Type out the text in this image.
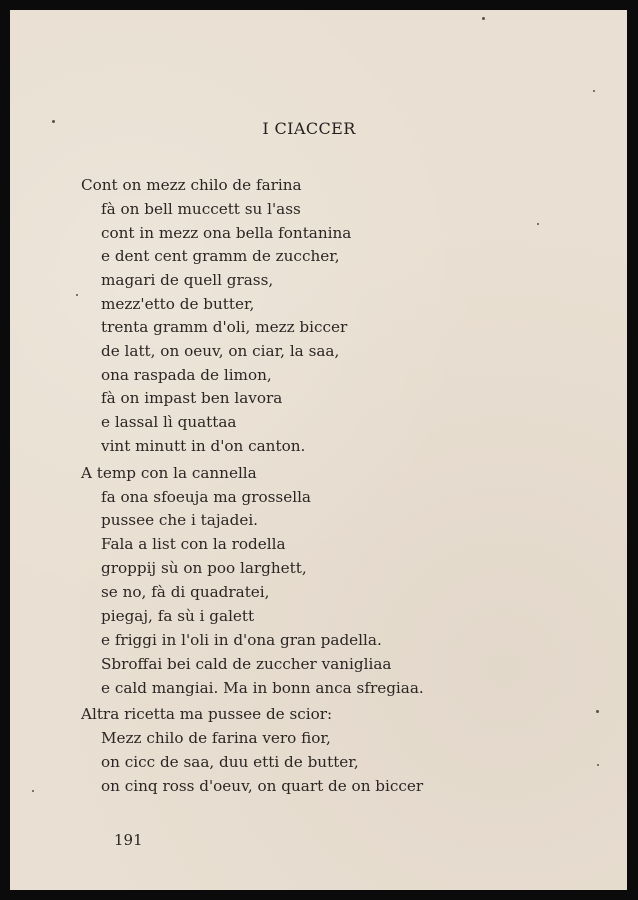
I CIACCER
Cont on mezz chilo de farina
fà on bell muccett su l'ass
cont in mezz ona bella fontanina
e dent cent gramm de zuccher,
magari de quell grass,
mezz'etto de butter,
trenta gramm d'oli, mezz biccer
de latt, on oeuv, on ciar, la saa,
ona raspada de limon,
fà on impast ben lavora
e lassal lì quattaa
vint minutt in d'on canton.
A temp con la cannella
fa ona sfoeuja ma grossella
pussee che i tajadei.
Fala a list con la rodella
groppij sù on poo larghett,
se no, fà di quadratei,
piegaj, fa sù i galett
e friggi in l'oli in d'ona gran padella.
Sbroffai bei cald de zuccher vanigliaa
e cald mangiai. Ma in bonn anca sfregiaa.
Altra ricetta ma pussee de scior:
Mezz chilo de farina vero fior,
on cicc de saa, duu etti de butter,
on cinq ross d'oeuv, on quart de on biccer
191
